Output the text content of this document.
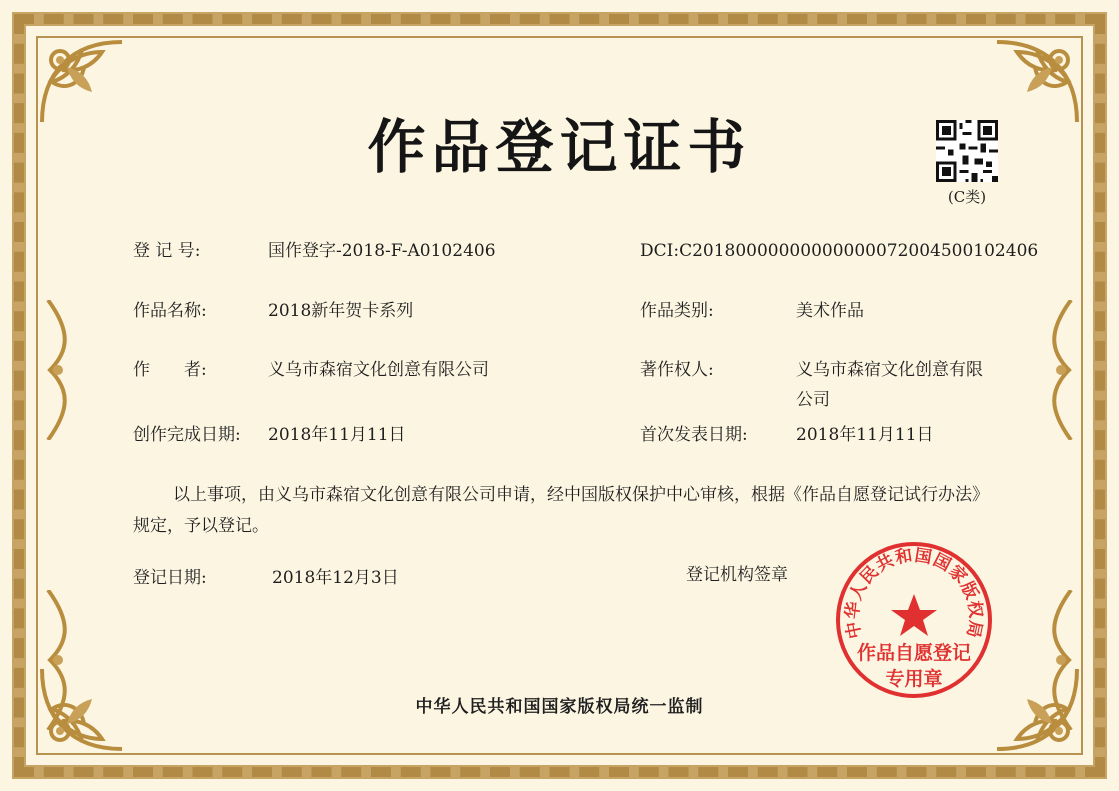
作品登记证书
(C类)
登 记 号:	国作登字-2018-F-A0102406	DCI:C20180000000000000072004500102406
作品名称:	2018新年贺卡系列	作品类别:	美术作品
作　　者:	义乌市森宿文化创意有限公司	著作权人:	义乌市森宿文化创意有限公司
创作完成日期: 2018年11月11日	首次发表日期:	2018年11月11日
以上事项，由义乌市森宿文化创意有限公司申请，经中国版权保护中心审核，根据《作品自愿登记试行办法》规定，予以登记。
登记日期:	2018年12月3日	登记机构签章
中华人民共和国国家版权局
作品自愿登记
专用章
中华人民共和国国家版权局统一监制
